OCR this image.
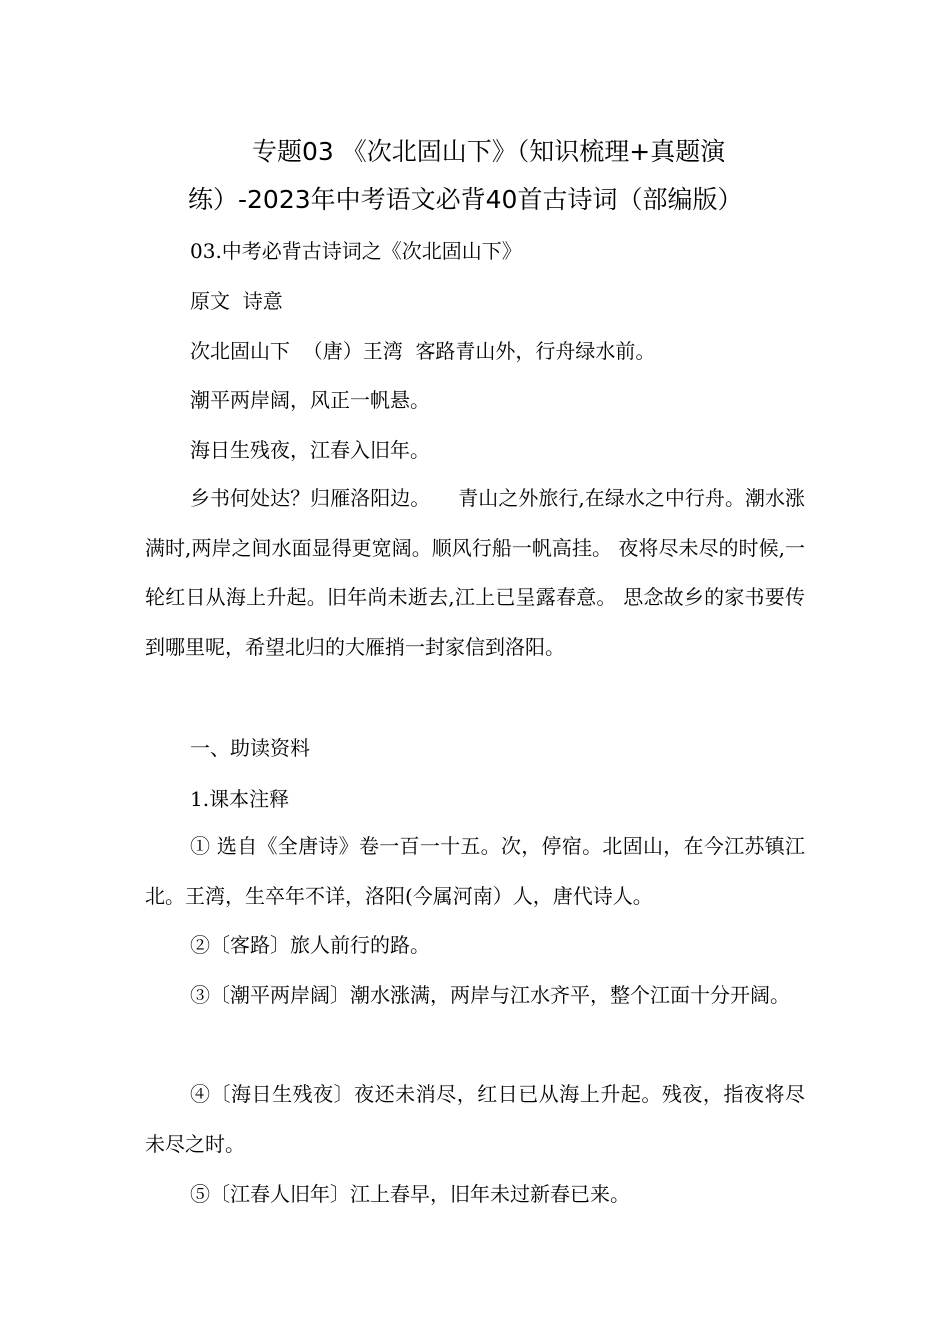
专题03 《次北固山下》（知识梳理+真题演
练）-2023年中考语文必背40首古诗词（部编版）
03.中考必背古诗词之《次北固山下》
原文  诗意
次北固山下  （唐）王湾 客路青山外，行舟绿水前。
潮平两岸阔，风正一帆悬。
海日生残夜，江春入旧年。
乡书何处达？归雁洛阳边。 青山之外旅行,在绿水之中行舟。潮水涨满时,两岸之间水面显得更宽阔。顺风行船一帆高挂。 夜将尽未尽的时候,一轮红日从海上升起。旧年尚未逝去,江上已呈露春意。 思念故乡的家书要传到哪里呢，希望北归的大雁捎一封家信到洛阳。
一、助读资料
1.课本注释
① 选自《全唐诗》卷一百一十五。次，停宿。北固山，在今江苏镇江北。王湾，生卒年不详，洛阳(今属河南）人，唐代诗人。
②〔客路〕旅人前行的路。
③〔潮平两岸阔〕潮水涨满，两岸与江水齐平，整个江面十分开阔。
④〔海日生残夜〕夜还未消尽，红日已从海上升起。残夜，指夜将尽未尽之时。
⑤〔江春人旧年〕江上春早，旧年未过新春已来。
